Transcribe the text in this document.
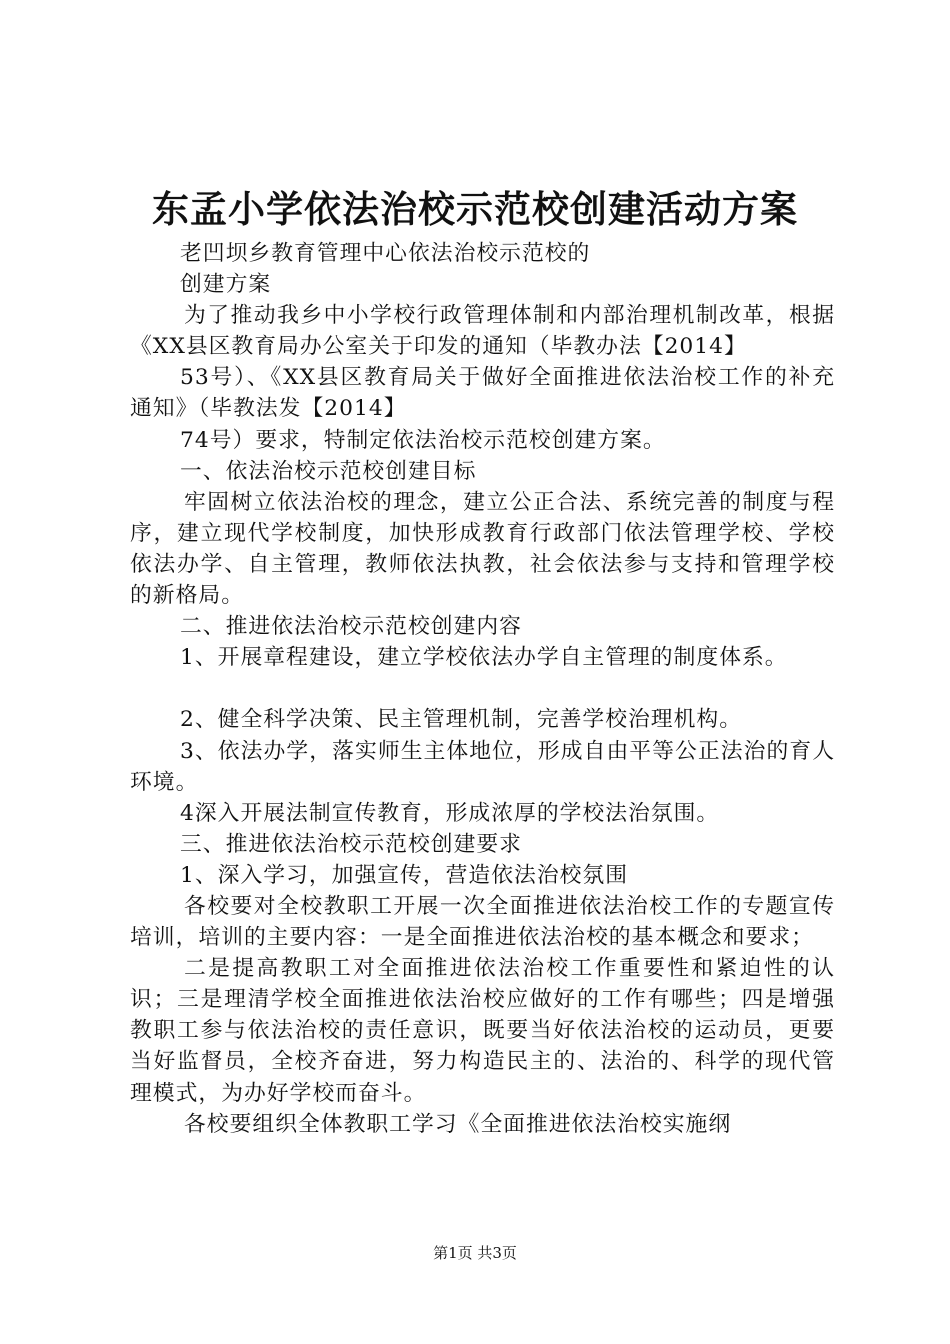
东孟小学依法治校示范校创建活动方案

老凹坝乡教育管理中心依法治校示范校的

创建方案

为了推动我乡中小学校行政管理体制和内部治理机制改革，根据《XX县区教育局办公室关于印发的通知（毕教办法【2014】

53号）、《XX县区教育局关于做好全面推进依法治校工作的补充通知》（毕教法发【2014】

74号）要求，特制定依法治校示范校创建方案。

一、依法治校示范校创建目标

牢固树立依法治校的理念，建立公正合法、系统完善的制度与程序，建立现代学校制度，加快形成教育行政部门依法管理学校、学校依法办学、自主管理，教师依法执教，社会依法参与支持和管理学校的新格局。

二、推进依法治校示范校创建内容

1、开展章程建设，建立学校依法办学自主管理的制度体系。

2、健全科学决策、民主管理机制，完善学校治理机构。

3、依法办学，落实师生主体地位，形成自由平等公正法治的育人环境。

4深入开展法制宣传教育，形成浓厚的学校法治氛围。

三、推进依法治校示范校创建要求

1、深入学习，加强宣传，营造依法治校氛围

各校要对全校教职工开展一次全面推进依法治校工作的专题宣传培训，培训的主要内容：一是全面推进依法治校的基本概念和要求；

二是提高教职工对全面推进依法治校工作重要性和紧迫性的认识；三是理清学校全面推进依法治校应做好的工作有哪些；四是增强教职工参与依法治校的责任意识，既要当好依法治校的运动员，更要当好监督员，全校齐奋进，努力构造民主的、法治的、科学的现代管理模式，为办好学校而奋斗。

各校要组织全体教职工学习《全面推进依法治校实施纲

第1页 共3页
